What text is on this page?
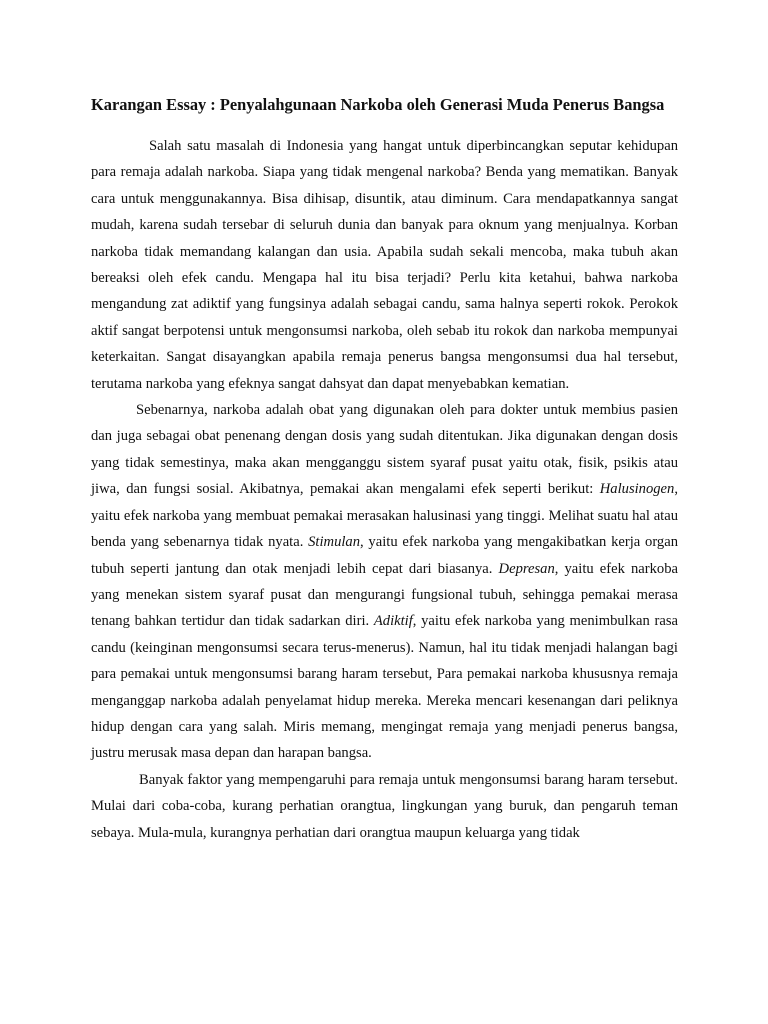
Karangan Essay : Penyalahgunaan Narkoba oleh Generasi Muda Penerus Bangsa

Salah satu masalah di Indonesia yang hangat untuk diperbincangkan seputar kehidupan para remaja adalah narkoba. Siapa yang tidak mengenal narkoba? Benda yang mematikan. Banyak cara untuk menggunakannya. Bisa dihisap, disuntik, atau diminum. Cara mendapatkannya sangat mudah, karena sudah tersebar di seluruh dunia dan banyak para oknum yang menjualnya. Korban narkoba tidak memandang kalangan dan usia. Apabila sudah sekali mencoba, maka tubuh akan bereaksi oleh efek candu. Mengapa hal itu bisa terjadi? Perlu kita ketahui, bahwa narkoba mengandung zat adiktif yang fungsinya adalah sebagai candu, sama halnya seperti rokok. Perokok aktif sangat berpotensi untuk mengonsumsi narkoba, oleh sebab itu rokok dan narkoba mempunyai keterkaitan. Sangat disayangkan apabila remaja penerus bangsa mengonsumsi dua hal tersebut, terutama narkoba yang efeknya sangat dahsyat dan dapat menyebabkan kematian.

Sebenarnya, narkoba adalah obat yang digunakan oleh para dokter untuk membius pasien dan juga sebagai obat penenang dengan dosis yang sudah ditentukan. Jika digunakan dengan dosis yang tidak semestinya, maka akan mengganggu sistem syaraf pusat yaitu otak, fisik, psikis atau jiwa, dan fungsi sosial. Akibatnya, pemakai akan mengalami efek seperti berikut: Halusinogen, yaitu efek narkoba yang membuat pemakai merasakan halusinasi yang tinggi. Melihat suatu hal atau benda yang sebenarnya tidak nyata. Stimulan, yaitu efek narkoba yang mengakibatkan kerja organ tubuh seperti jantung dan otak menjadi lebih cepat dari biasanya. Depresan, yaitu efek narkoba yang menekan sistem syaraf pusat dan mengurangi fungsional tubuh, sehingga pemakai merasa tenang bahkan tertidur dan tidak sadarkan diri. Adiktif, yaitu efek narkoba yang menimbulkan rasa candu (keinginan mengonsumsi secara terus-menerus). Namun, hal itu tidak menjadi halangan bagi para pemakai untuk mengonsumsi barang haram tersebut, Para pemakai narkoba khususnya remaja menganggap narkoba adalah penyelamat hidup mereka. Mereka mencari kesenangan dari peliknya hidup dengan cara yang salah. Miris memang, mengingat remaja yang menjadi penerus bangsa, justru merusak masa depan dan harapan bangsa.

Banyak faktor yang mempengaruhi para remaja untuk mengonsumsi barang haram tersebut. Mulai dari coba-coba, kurang perhatian orangtua, lingkungan yang buruk, dan pengaruh teman sebaya. Mula-mula, kurangnya perhatian dari orangtua maupun keluarga yang tidak
